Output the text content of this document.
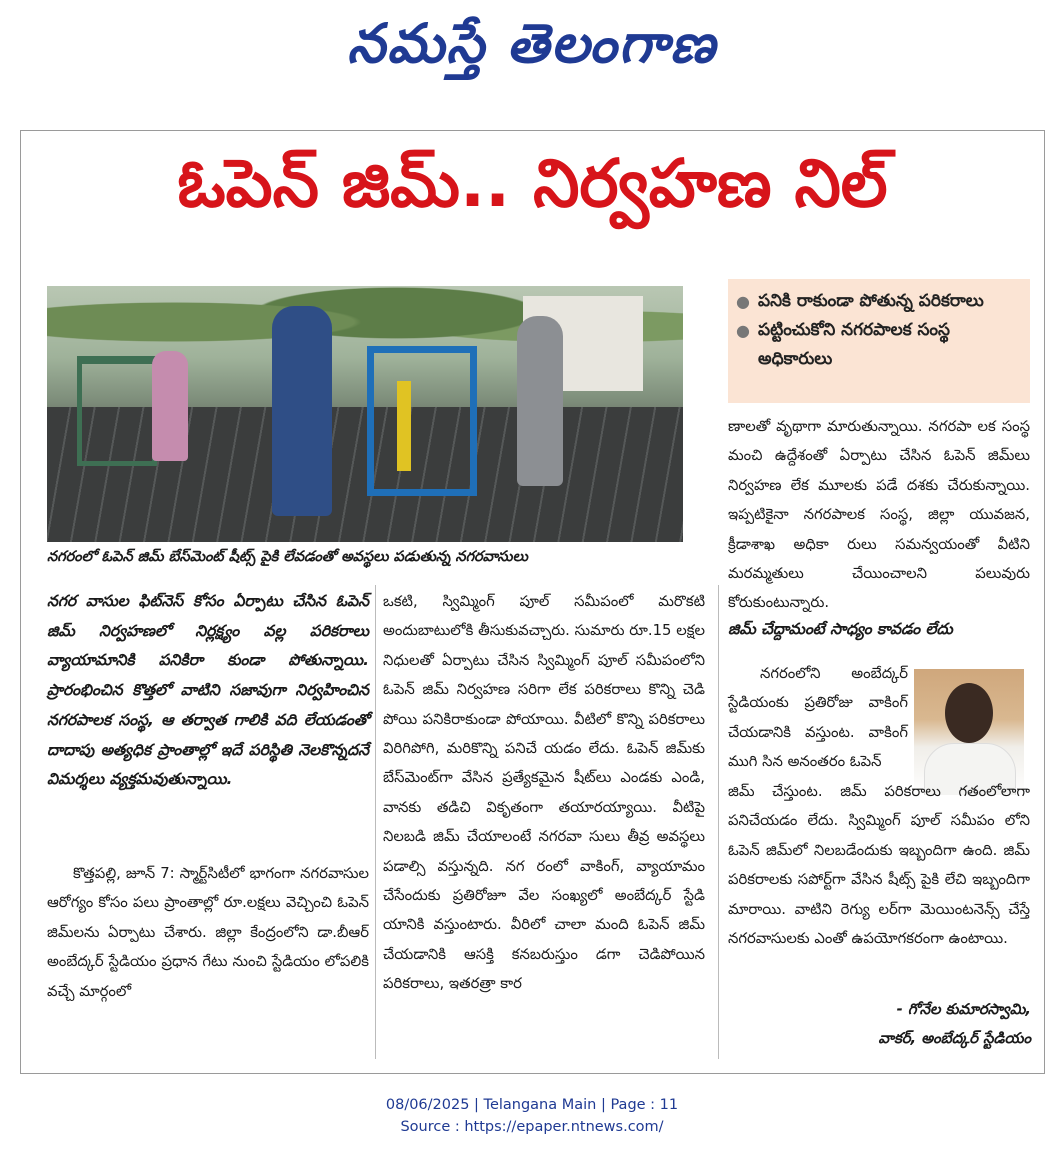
నమస్తే తెలంగాణ
ఓపెన్ జిమ్.. నిర్వహణ నిల్
నగరంలో ఓపెన్ జిమ్ బేస్‌మెంట్ షీట్స్ పైకి లేవడంతో అవస్థలు పడుతున్న నగరవాసులు
● పనికి రాకుండా పోతున్న పరికరాలు
● పట్టించుకోని నగరపాలక సంస్థ అధికారులు

ణాలతో వృథాగా మారుతున్నాయి. నగరపా లక సంస్థ మంచి ఉద్దేశంతో ఏర్పాటు చేసిన ఓపెన్ జిమ్‌లు నిర్వహణ లేక మూలకు పడే దశకు చేరుకున్నాయి. ఇప్పటికైనా నగరపాలక సంస్థ, జిల్లా యువజన, క్రీడాశాఖ అధికా రులు సమన్వయంతో వీటిని మరమ్మతులు చేయించాలని పలువురు కోరుకుంటున్నారు.

జిమ్ చేద్దామంటే సాధ్యం కావడం లేదు

నగరంలోని అంబేద్కర్ స్టేడియంకు ప్రతిరోజు వాకింగ్ చేయడానికి వస్తుంట. వాకింగ్ ముగి సిన అనంతరం ఓపెన్

జిమ్ చేస్తుంట. జిమ్ పరికరాలు గతంలోలాగా పనిచేయడం లేదు. స్విమ్మింగ్ పూల్ సమీపం లోని ఓపెన్ జిమ్‌లో నిలబడేందుకు ఇబ్బందిగా ఉంది. జిమ్ పరికరాలకు సపోర్ట్‌గా వేసిన షీట్స్ పైకి లేచి ఇబ్బందిగా మారాయి. వాటిని రెగ్యు లర్‌గా మెయింటనెన్స్ చేస్తే నగరవాసులకు ఎంతో ఉపయోగకరంగా ఉంటాయి.

- గోనేల కుమారస్వామి,
వాకర్, అంబేద్కర్ స్టేడియం

నగర వాసుల ఫిట్‌నెస్ కోసం ఏర్పాటు చేసిన ఓపెన్ జిమ్ నిర్వహణలో నిర్లక్ష్యం వల్ల పరికరాలు వ్యాయామానికి పనికిరా కుండా పోతున్నాయి. ప్రారంభించిన కొత్తలో వాటిని సజావుగా నిర్వహించిన నగరపాలక సంస్థ, ఆ తర్వాత గాలికి వది లేయడంతో దాదాపు అత్యధిక ప్రాంతాల్లో ఇదే పరిస్థితి నెలకొన్నదనే విమర్శలు వ్యక్తమవుతున్నాయి.

కొత్తపల్లి, జూన్ 7: స్మార్ట్‌సిటీలో భాగంగా నగరవాసుల ఆరోగ్యం కోసం పలు ప్రాంతాల్లో రూ.లక్షలు వెచ్చించి ఓపెన్ జిమ్‌లను ఏర్పాటు చేశారు. జిల్లా కేంద్రంలోని డా.బీఆర్ అంబేద్కర్ స్టేడియం ప్రధాన గేటు నుంచి స్టేడియం లోపలికి వచ్చే మార్గంలో

ఒకటి, స్విమ్మింగ్ పూల్ సమీపంలో మరొకటి అందుబాటులోకి తీసుకువచ్చారు. సుమారు రూ.15 లక్షల నిధులతో ఏర్పాటు చేసిన స్విమ్మింగ్ పూల్ సమీపంలోని ఓపెన్ జిమ్ నిర్వహణ సరిగా లేక పరికరాలు కొన్ని చెడి పోయి పనికిరాకుండా పోయాయి. వీటిలో కొన్ని పరికరాలు విరిగిపోగి, మరికొన్ని పనిచే యడం లేదు. ఓపెన్ జిమ్‌కు బేస్‌మెంట్‌గా వేసిన ప్రత్యేకమైన షీట్‌లు ఎండకు ఎండి, వానకు తడిచి వికృతంగా తయారయ్యాయి. వీటిపై నిలబడి జిమ్ చేయాలంటే నగరవా సులు తీవ్ర అవస్థలు పడాల్సి వస్తున్నది. నగ రంలో వాకింగ్, వ్యాయామం చేసేందుకు ప్రతిరోజూ వేల సంఖ్యలో అంబేద్కర్ స్టేడి యానికి వస్తుంటారు. వీరిలో చాలా మంది ఓపెన్ జిమ్ చేయడానికి ఆసక్తి కనబరుస్తుం డగా చెడిపోయిన పరికరాలు, ఇతరత్రా కార

08/06/2025 | Telangana Main | Page : 11
Source : https://epaper.ntnews.com/
